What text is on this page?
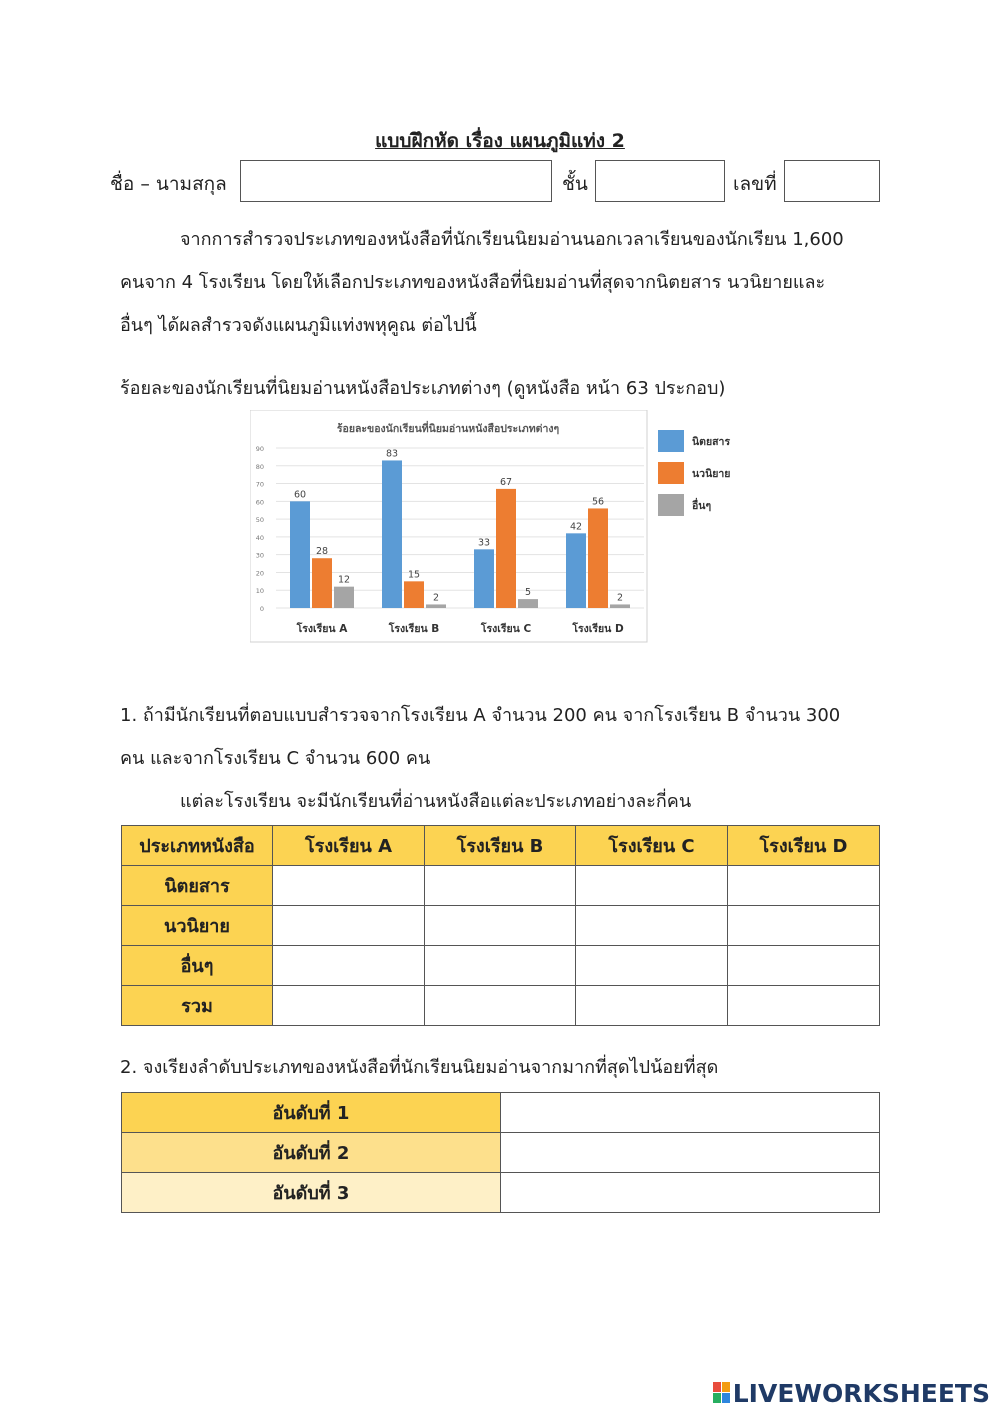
แบบฝึกหัด เรื่อง แผนภูมิแท่ง 2
ชื่อ – นามสกุล	ชั้น	เลขที่
จากการสำรวจประเภทของหนังสือที่นักเรียนนิยมอ่านนอกเวลาเรียนของนักเรียน 1,600
คนจาก 4 โรงเรียน โดยให้เลือกประเภทของหนังสือที่นิยมอ่านที่สุดจากนิตยสาร นวนิยายและ
อื่นๆ ได้ผลสำรวจดังแผนภูมิแท่งพหุคูณ ต่อไปนี้
ร้อยละของนักเรียนที่นิยมอ่านหนังสือประเภทต่างๆ (ดูหนังสือ หน้า 63 ประกอบ)
ร้อยละของนักเรียนที่นิยมอ่านหนังสือประเภทต่างๆ
0
10
20
30
40
50
60
70
80
90
60
28
12
โรงเรียน A
83
15
2
โรงเรียน B
33
67
5
โรงเรียน C
42
56
2
โรงเรียน D
นิตยสาร
นวนิยาย
อื่นๆ
1. ถ้ามีนักเรียนที่ตอบแบบสำรวจจากโรงเรียน A จำนวน 200 คน จากโรงเรียน B จำนวน 300
คน และจากโรงเรียน C จำนวน 600 คน
แต่ละโรงเรียน จะมีนักเรียนที่อ่านหนังสือแต่ละประเภทอย่างละกี่คน
ประเภทหนังสือ	โรงเรียน A	โรงเรียน B	โรงเรียน C	โรงเรียน D
นิตยสาร				
นวนิยาย				
อื่นๆ				
รวม				
2. จงเรียงลำดับประเภทของหนังสือที่นักเรียนนิยมอ่านจากมากที่สุดไปน้อยที่สุด
อันดับที่ 1	
อันดับที่ 2	
อันดับที่ 3	
LIVEWORKSHEETS
